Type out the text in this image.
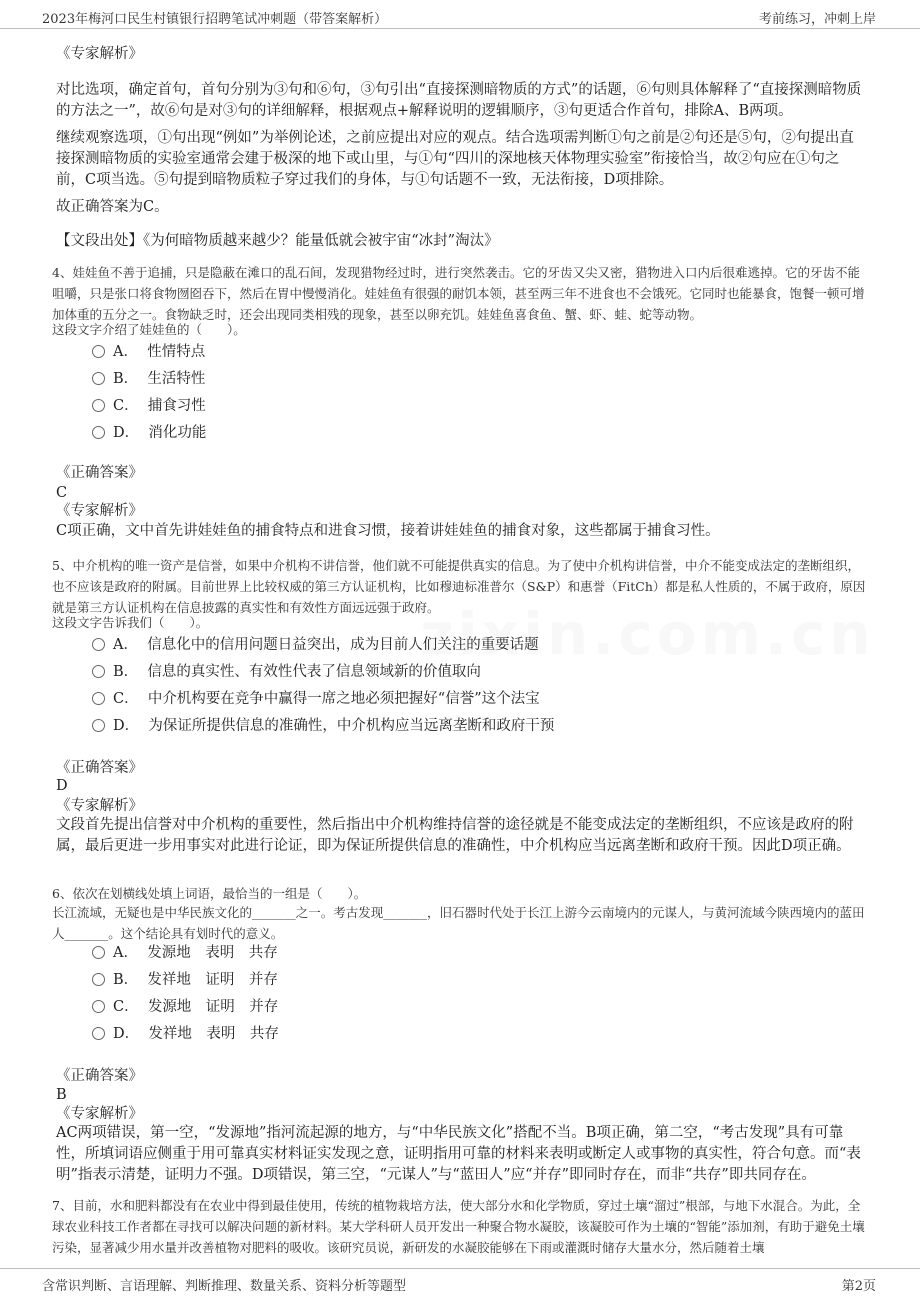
2023年梅河口民生村镇银行招聘笔试冲刺题（带答案解析）	考前练习，冲刺上岸
zixin.com.cn

《专家解析》

对比选项，确定首句，首句分别为③句和⑥句，③句引出“直接探测暗物质的方式”的话题，⑥句则具体解释了“直接探测暗物质的方法之一”，故⑥句是对③句的详细解释，根据观点+解释说明的逻辑顺序，③句更适合作首句，排除A、B两项。

继续观察选项，①句出现“例如”为举例论述，之前应提出对应的观点。结合选项需判断①句之前是②句还是⑤句，②句提出直接探测暗物质的实验室通常会建于极深的地下或山里，与①句“四川的深地核天体物理实验室”衔接恰当，故②句应在①句之前，C项当选。⑤句提到暗物质粒子穿过我们的身体，与①句话题不一致，无法衔接，D项排除。

故正确答案为C。

【文段出处】《为何暗物质越来越少？能量低就会被宇宙“冰封”淘汰》

4、娃娃鱼不善于追捕，只是隐蔽在滩口的乱石间，发现猎物经过时，进行突然袭击。它的牙齿又尖又密，猎物进入口内后很难逃掉。它的牙齿不能咀嚼，只是张口将食物囫囵吞下，然后在胃中慢慢消化。娃娃鱼有很强的耐饥本领，甚至两三年不进食也不会饿死。它同时也能暴食，饱餐一顿可增加体重的五分之一。食物缺乏时，还会出现同类相残的现象，甚至以卵充饥。娃娃鱼喜食鱼、蟹、虾、蛙、蛇等动物。

这段文字介绍了娃娃鱼的（　　）。

A．  性情特点
B．  生活特性
C．  捕食习性
D．  消化功能

《正确答案》

C

《专家解析》

C项正确，文中首先讲娃娃鱼的捕食特点和进食习惯，接着讲娃娃鱼的捕食对象，这些都属于捕食习性。

5、中介机构的唯一资产是信誉，如果中介机构不讲信誉，他们就不可能提供真实的信息。为了使中介机构讲信誉，中介不能变成法定的垄断组织，也不应该是政府的附属。目前世界上比较权威的第三方认证机构，比如穆迪标准普尔（S&P）和惠誉（FitCh）都是私人性质的，不属于政府，原因就是第三方认证机构在信息披露的真实性和有效性方面远远强于政府。

这段文字告诉我们（　　）。

A．  信息化中的信用问题日益突出，成为目前人们关注的重要话题
B．  信息的真实性、有效性代表了信息领域新的价值取向
C．  中介机构要在竞争中赢得一席之地必须把握好“信誉”这个法宝
D．  为保证所提供信息的准确性，中介机构应当远离垄断和政府干预

《正确答案》

D

《专家解析》

文段首先提出信誉对中介机构的重要性，然后指出中介机构维持信誉的途径就是不能变成法定的垄断组织，不应该是政府的附属，最后更进一步用事实对此进行论证，即为保证所提供信息的准确性，中介机构应当远离垄断和政府干预。因此D项正确。

6、依次在划横线处填上词语，最恰当的一组是（　　）。

长江流域，无疑也是中华民族文化的_______之一。考古发现_______，旧石器时代处于长江上游今云南境内的元谋人，与黄河流域今陕西境内的蓝田人_______。这个结论具有划时代的意义。

A．  发源地　表明　共存
B．  发祥地　证明　并存
C．  发源地　证明　并存
D．  发祥地　表明　共存

《正确答案》

B

《专家解析》

AC两项错误，第一空，“发源地”指河流起源的地方，与“中华民族文化”搭配不当。B项正确，第二空，“考古发现”具有可靠性，所填词语应侧重于用可靠真实材料证实发现之意，证明指用可靠的材料来表明或断定人或事物的真实性，符合句意。而“表明”指表示清楚，证明力不强。D项错误，第三空，“元谋人”与“蓝田人”应“并存”即同时存在，而非“共存”即共同存在。

7、目前，水和肥料都没有在农业中得到最佳使用，传统的植物栽培方法，使大部分水和化学物质，穿过土壤“溜过”根部，与地下水混合。为此，全球农业科技工作者都在寻找可以解决问题的新材料。某大学科研人员开发出一种聚合物水凝胶，该凝胶可作为土壤的“智能”添加剂，有助于避免土壤污染，显著减少用水量并改善植物对肥料的吸收。该研究员说，新研发的水凝胶能够在下雨或灌溉时储存大量水分，然后随着土壤

含常识判断、言语理解、判断推理、数量关系、资料分析等题型	第2页
